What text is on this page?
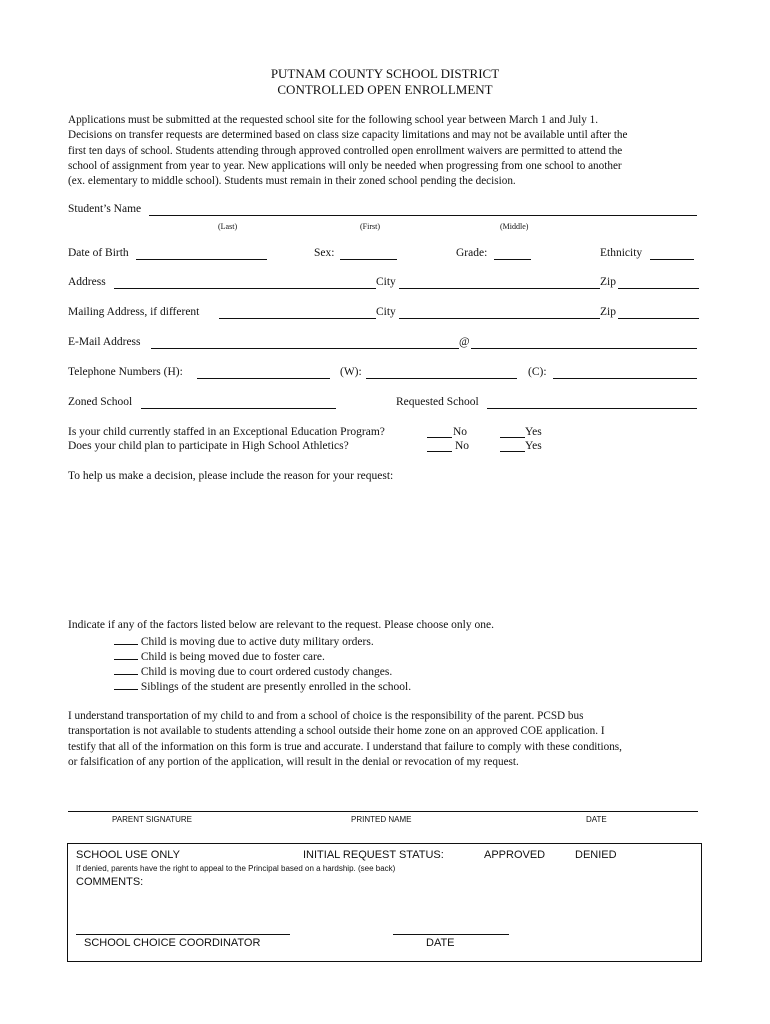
PUTNAM COUNTY SCHOOL DISTRICT
CONTROLLED OPEN ENROLLMENT
Applications must be submitted at the requested school site for the following school year between March 1 and July 1.
Decisions on transfer requests are determined based on class size capacity limitations and may not be available until after the
first ten days of school. Students attending through approved controlled open enrollment waivers are permitted to attend the
school of assignment from year to year. New applications will only be needed when progressing from one school to another
(ex. elementary to middle school). Students must remain in their zoned school pending the decision.
Student’s Name
(Last)	(First)	(Middle)
Date of Birth	Sex:	Grade:	Ethnicity
Address	City	Zip
Mailing Address, if different	City	Zip
E-Mail Address	@
Telephone Numbers (H):	(W):	(C):
Zoned School	Requested School
Is your child currently staffed in an Exceptional Education Program?	No	Yes
Does your child plan to participate in High School Athletics?	No	Yes
To help us make a decision, please include the reason for your request:
Indicate if any of the factors listed below are relevant to the request. Please choose only one.
Child is moving due to active duty military orders.
Child is being moved due to foster care.
Child is moving due to court ordered custody changes.
Siblings of the student are presently enrolled in the school.
I understand transportation of my child to and from a school of choice is the responsibility of the parent. PCSD bus
transportation is not available to students attending a school outside their home zone on an approved COE application. I
testify that all of the information on this form is true and accurate. I understand that failure to comply with these conditions,
or falsification of any portion of the application, will result in the denial or revocation of my request.
PARENT SIGNATURE	PRINTED NAME	DATE
SCHOOL USE ONLY	INITIAL REQUEST STATUS:	APPROVED	DENIED
If denied, parents have the right to appeal to the Principal based on a hardship. (see back)
COMMENTS:
SCHOOL CHOICE COORDINATOR	DATE
